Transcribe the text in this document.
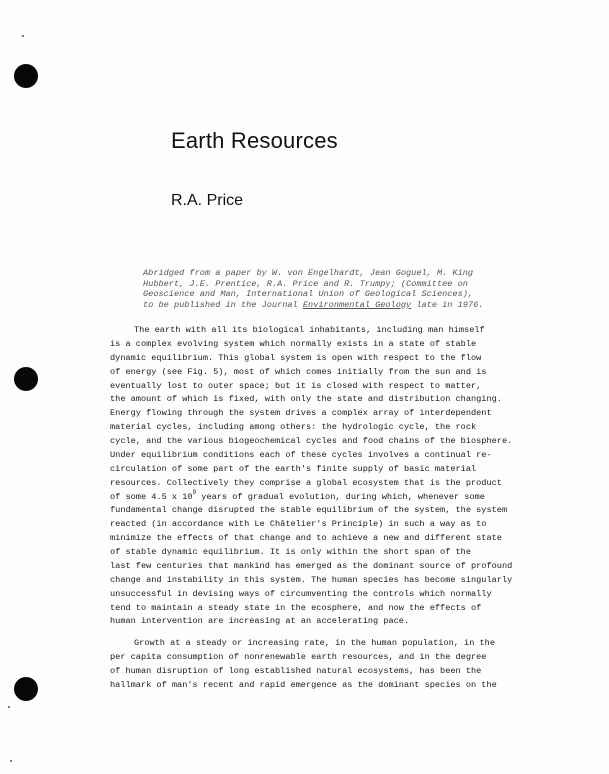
Earth Resources
R.A. Price
Abridged from a paper by W. von Engelhardt, Jean Goguel, M. King
Hubbert, J.E. Prentice, R.A. Price and R. Trumpy; (Committee on
Geoscience and Man, International Union of Geological Sciences),
to be published in the Journal Environmental Geology late in 1976.
The earth with all its biological inhabitants, including man himself
is a complex evolving system which normally exists in a state of stable
dynamic equilibrium. This global system is open with respect to the flow
of energy (see Fig. 5), most of which comes initially from the sun and is
eventually lost to outer space; but it is closed with respect to matter,
the amount of which is fixed, with only the state and distribution changing.
Energy flowing through the system drives a complex array of interdependent
material cycles, including among others: the hydrologic cycle, the rock
cycle, and the various biogeochemical cycles and food chains of the biosphere.
Under equilibrium conditions each of these cycles involves a continual re-
circulation of some part of the earth's finite supply of basic material
resources. Collectively they comprise a global ecosystem that is the product
of some 4.5 x $10^9$ years of gradual evolution, during which, whenever some
fundamental change disrupted the stable equilibrium of the system, the system
reacted (in accordance with Le Châtelier's Principle) in such a way as to
minimize the effects of that change and to achieve a new and different state
of stable dynamic equilibrium. It is only within the short span of the
last few centuries that mankind has emerged as the dominant source of profound
change and instability in this system. The human species has become singularly
unsuccessful in devising ways of circumventing the controls which normally
tend to maintain a steady state in the ecosphere, and now the effects of
human intervention are increasing at an accelerating pace.
Growth at a steady or increasing rate, in the human population, in the
per capita consumption of nonrenewable earth resources, and in the degree
of human disruption of long established natural ecosystems, has been the
hallmark of man's recent and rapid emergence as the dominant species on the
